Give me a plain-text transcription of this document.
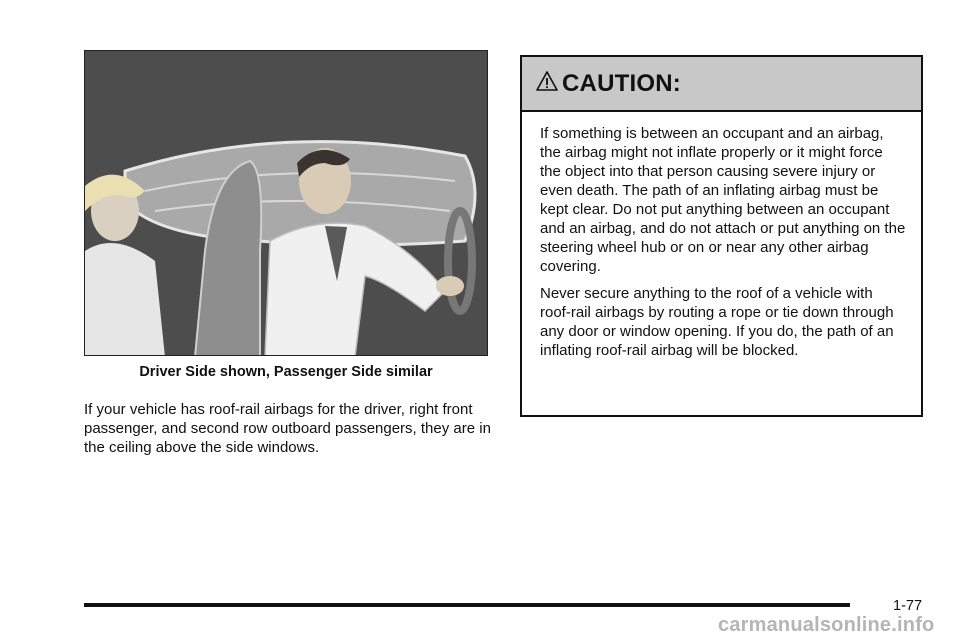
Driver Side shown, Passenger Side similar

If your vehicle has roof-rail airbags for the driver, right front passenger, and second row outboard passengers, they are in the ceiling above the side windows.

CAUTION:

If something is between an occupant and an airbag, the airbag might not inflate properly or it might force the object into that person causing severe injury or even death. The path of an inflating airbag must be kept clear. Do not put anything between an occupant and an airbag, and do not attach or put anything on the steering wheel hub or on or near any other airbag covering.

Never secure anything to the roof of a vehicle with roof-rail airbags by routing a rope or tie down through any door or window opening. If you do, the path of an inflating roof-rail airbag will be blocked.

1-77
carmanualsonline.info
